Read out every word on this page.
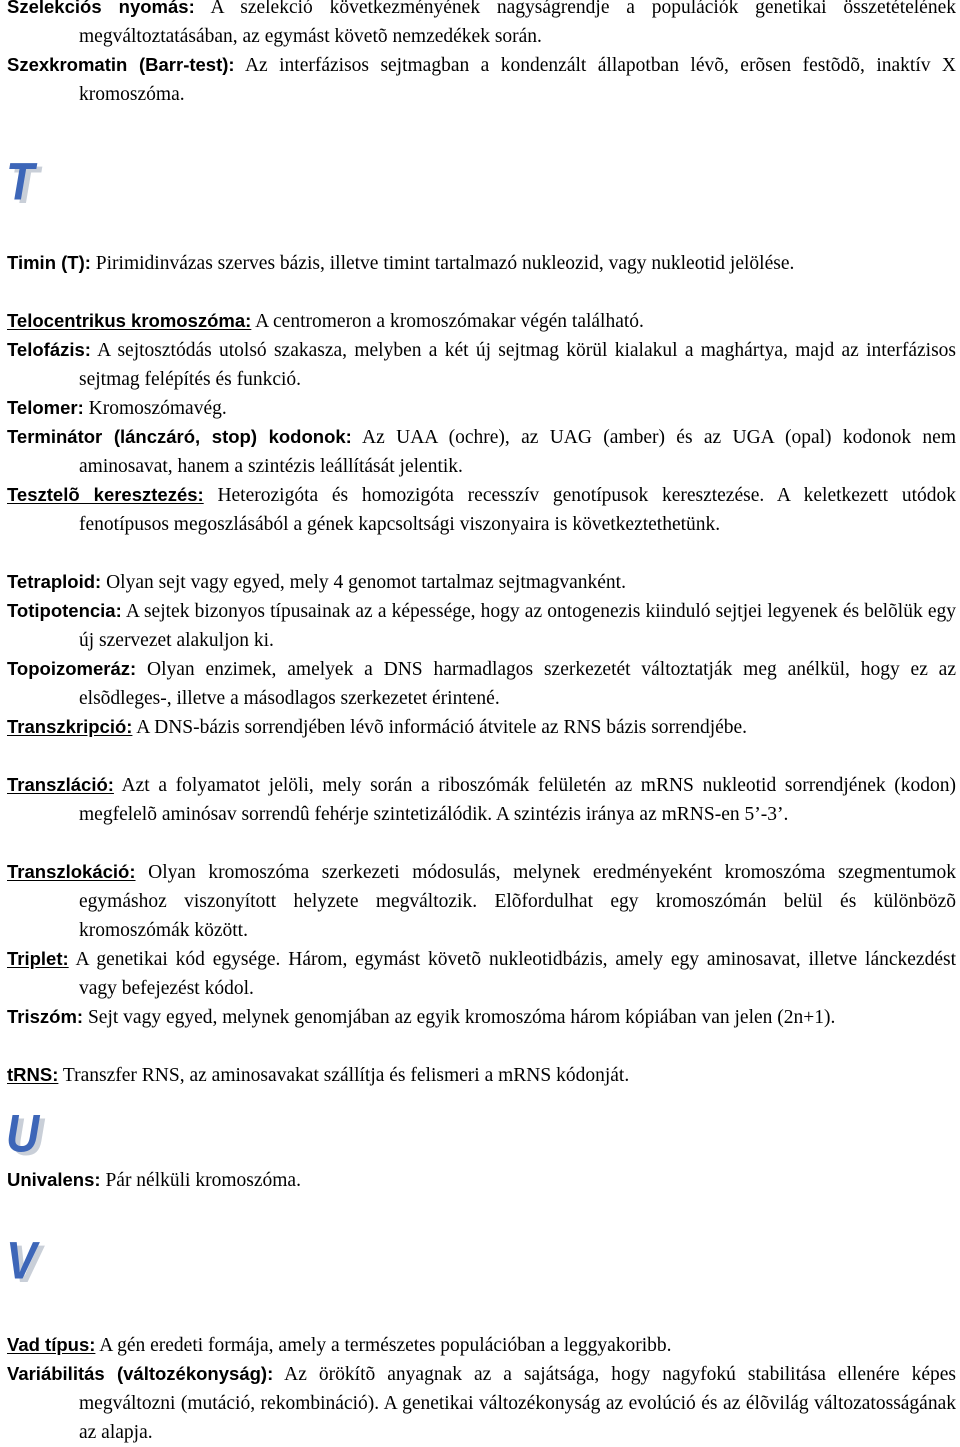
Szelekciós nyomás: A szelekció következményének nagyságrendje a populációk genetikai összetételének megváltoztatásában, az egymást követõ nemzedékek során.

Szexkromatin (Barr-test): Az interfázisos sejtmagban a kondenzált állapotban lévõ, erõsen festõdõ, inaktív X kromoszóma.

T

Timin (T): Pirimidinvázas szerves bázis, illetve timint tartalmazó nukleozid, vagy nukleotid jelölése.

Telocentrikus kromoszóma: A centromeron a kromoszómakar végén található.

Telofázis: A sejtosztódás utolsó szakasza, melyben a két új sejtmag körül kialakul a maghártya, majd az interfázisos sejtmag felépítés és funkció.

Telomer: Kromoszómavég.

Terminátor (lánczáró, stop) kodonok: Az UAA (ochre), az UAG (amber) és az UGA (opal) kodonok nem aminosavat, hanem a szintézis leállítását jelentik.

Tesztelõ keresztezés: Heterozigóta és homozigóta recesszív genotípusok keresztezése. A keletkezett utódok fenotípusos megoszlásából a gének kapcsoltsági viszonyaira is következtethetünk.

Tetraploid: Olyan sejt vagy egyed, mely 4 genomot tartalmaz sejtmagvanként.

Totipotencia: A sejtek bizonyos típusainak az a képessége, hogy az ontogenezis kiinduló sejtjei legyenek és belõlük egy új szervezet alakuljon ki.

Topoizomeráz: Olyan enzimek, amelyek a DNS harmadlagos szerkezetét változtatják meg anélkül, hogy ez az elsõdleges-, illetve a másodlagos szerkezetet érintené.

Transzkripció: A DNS-bázis sorrendjében lévõ információ átvitele az RNS bázis sorrendjébe.

Transzláció: Azt a folyamatot jelöli, mely során a riboszómák felületén az mRNS nukleotid sorrendjének (kodon) megfelelõ aminósav sorrendû fehérje szintetizálódik. A szintézis iránya az mRNS-en 5’-3’.

Transzlokáció: Olyan kromoszóma szerkezeti módosulás, melynek eredményeként kromoszóma szegmentumok egymáshoz viszonyított helyzete megváltozik. Elõfordulhat egy kromoszómán belül és különbözõ kromoszómák között.

Triplet: A genetikai kód egysége. Három, egymást követõ nukleotidbázis, amely egy aminosavat, illetve lánckezdést vagy befejezést kódol.

Triszóm: Sejt vagy egyed, melynek genomjában az egyik kromoszóma három kópiában van jelen (2n+1).

tRNS: Transzfer RNS, az aminosavakat szállítja és felismeri a mRNS kódonját.

U

Univalens: Pár nélküli kromoszóma.

V

Vad típus: A gén eredeti formája, amely a természetes populációban a leggyakoribb.

Variábilitás (változékonyság): Az örökítõ anyagnak az a sajátsága, hogy nagyfokú stabilitása ellenére képes megváltozni (mutáció, rekombináció). A genetikai változékonyság az evolúció és az élõvilág változatosságának az alapja.
